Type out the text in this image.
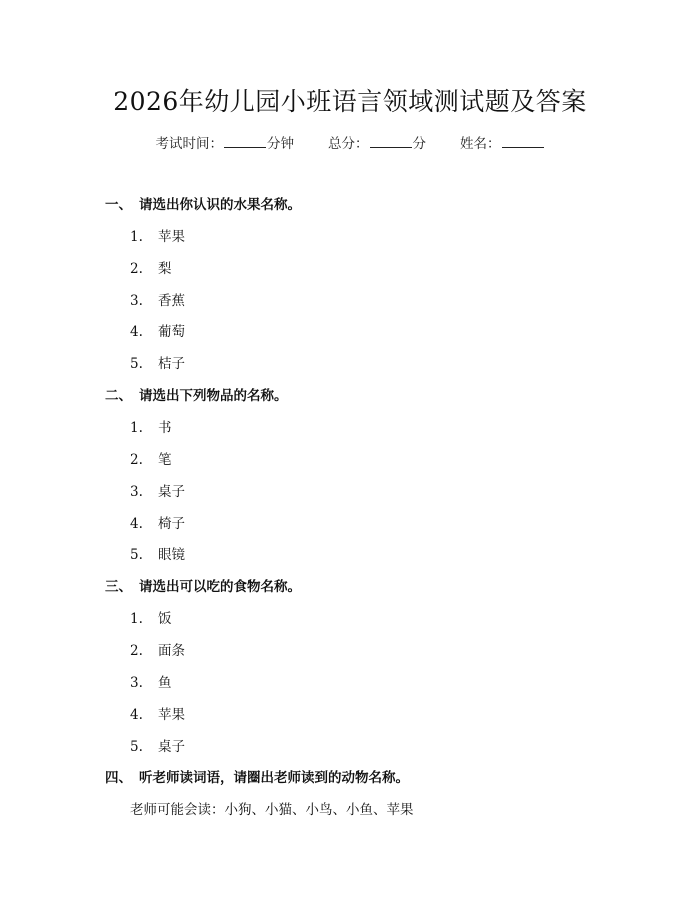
2026年幼儿园小班语言领域测试题及答案
考试时间：	分钟	总分：	分	姓名：
一、 请选出你认识的水果名称。
1. 苹果
2. 梨
3. 香蕉
4. 葡萄
5. 桔子
二、 请选出下列物品的名称。
1. 书
2. 笔
3. 桌子
4. 椅子
5. 眼镜
三、 请选出可以吃的食物名称。
1. 饭
2. 面条
3. 鱼
4. 苹果
5. 桌子
四、 听老师读词语，请圈出老师读到的动物名称。
老师可能会读：小狗、小猫、小鸟、小鱼、苹果
